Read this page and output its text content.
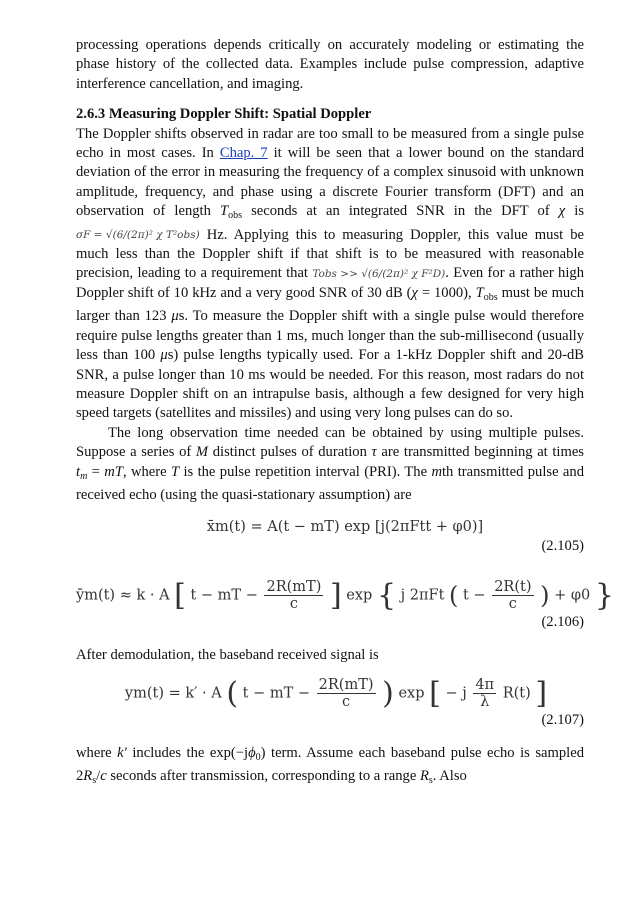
processing operations depends critically on accurately modeling or estimating the phase history of the collected data. Examples include pulse compression, adaptive interference cancellation, and imaging.

2.6.3 Measuring Doppler Shift: Spatial Doppler

The Doppler shifts observed in radar are too small to be measured from a single pulse echo in most cases. In Chap. 7 it will be seen that a lower bound on the standard deviation of the error in measuring the frequency of a complex sinusoid with unknown amplitude, frequency, and phase using a discrete Fourier transform (DFT) and an observation of length $T_{obs}$ seconds at an integrated SNR in the DFT of χ is σF = √(6/(2π)² χ T²obs) Hz. Applying this to measuring Doppler, this value must be much less than the Doppler shift if that shift is to be measured with reasonable precision, leading to a requirement that Tobs >> √(6/(2π)² χ F²D). Even for a rather high Doppler shift of 10 kHz and a very good SNR of 30 dB (χ = 1000), $T_{obs}$ must be much larger than 123 μs. To measure the Doppler shift with a single pulse would therefore require pulse lengths greater than 1 ms, much longer than the sub-millisecond (usually less than 100 μs) pulse lengths typically used. For a 1-kHz Doppler shift and 20-dB SNR, a pulse longer than 10 ms would be needed. For this reason, most radars do not measure Doppler shift on an intrapulse basis, although a few designed for very high speed targets (satellites and missiles) and using very long pulses can do so.

The long observation time needed can be obtained by using multiple pulses. Suppose a series of M distinct pulses of duration τ are transmitted beginning at times $t_m$ = mT, where T is the pulse repetition interval (PRI). The mth transmitted pulse and received echo (using the quasi-stationary assumption) are

x̄m(t) = A(t − mT) exp [j(2πFtt + φ0)]
(2.105)
ȳm(t) ≈ k · A [ t − mT − $\frac{2R(mT)}{c}$ ] exp { j 2πFt ( $t - \frac{2R(t)}{c}$ ) + φ0 }
(2.106)

After demodulation, the baseband received signal is

ym(t) = k′ · A ( t − mT − $\frac{2R(mT)}{c}$ ) exp [ − j $\frac{4\pi}{\lambda} R(t)$ ]
(2.107)

where k′ includes the $\exp(-j\phi_0)$ term. Assume each baseband pulse echo is sampled $2R_s/c$ seconds after transmission, corresponding to a range $R_s$. Also
